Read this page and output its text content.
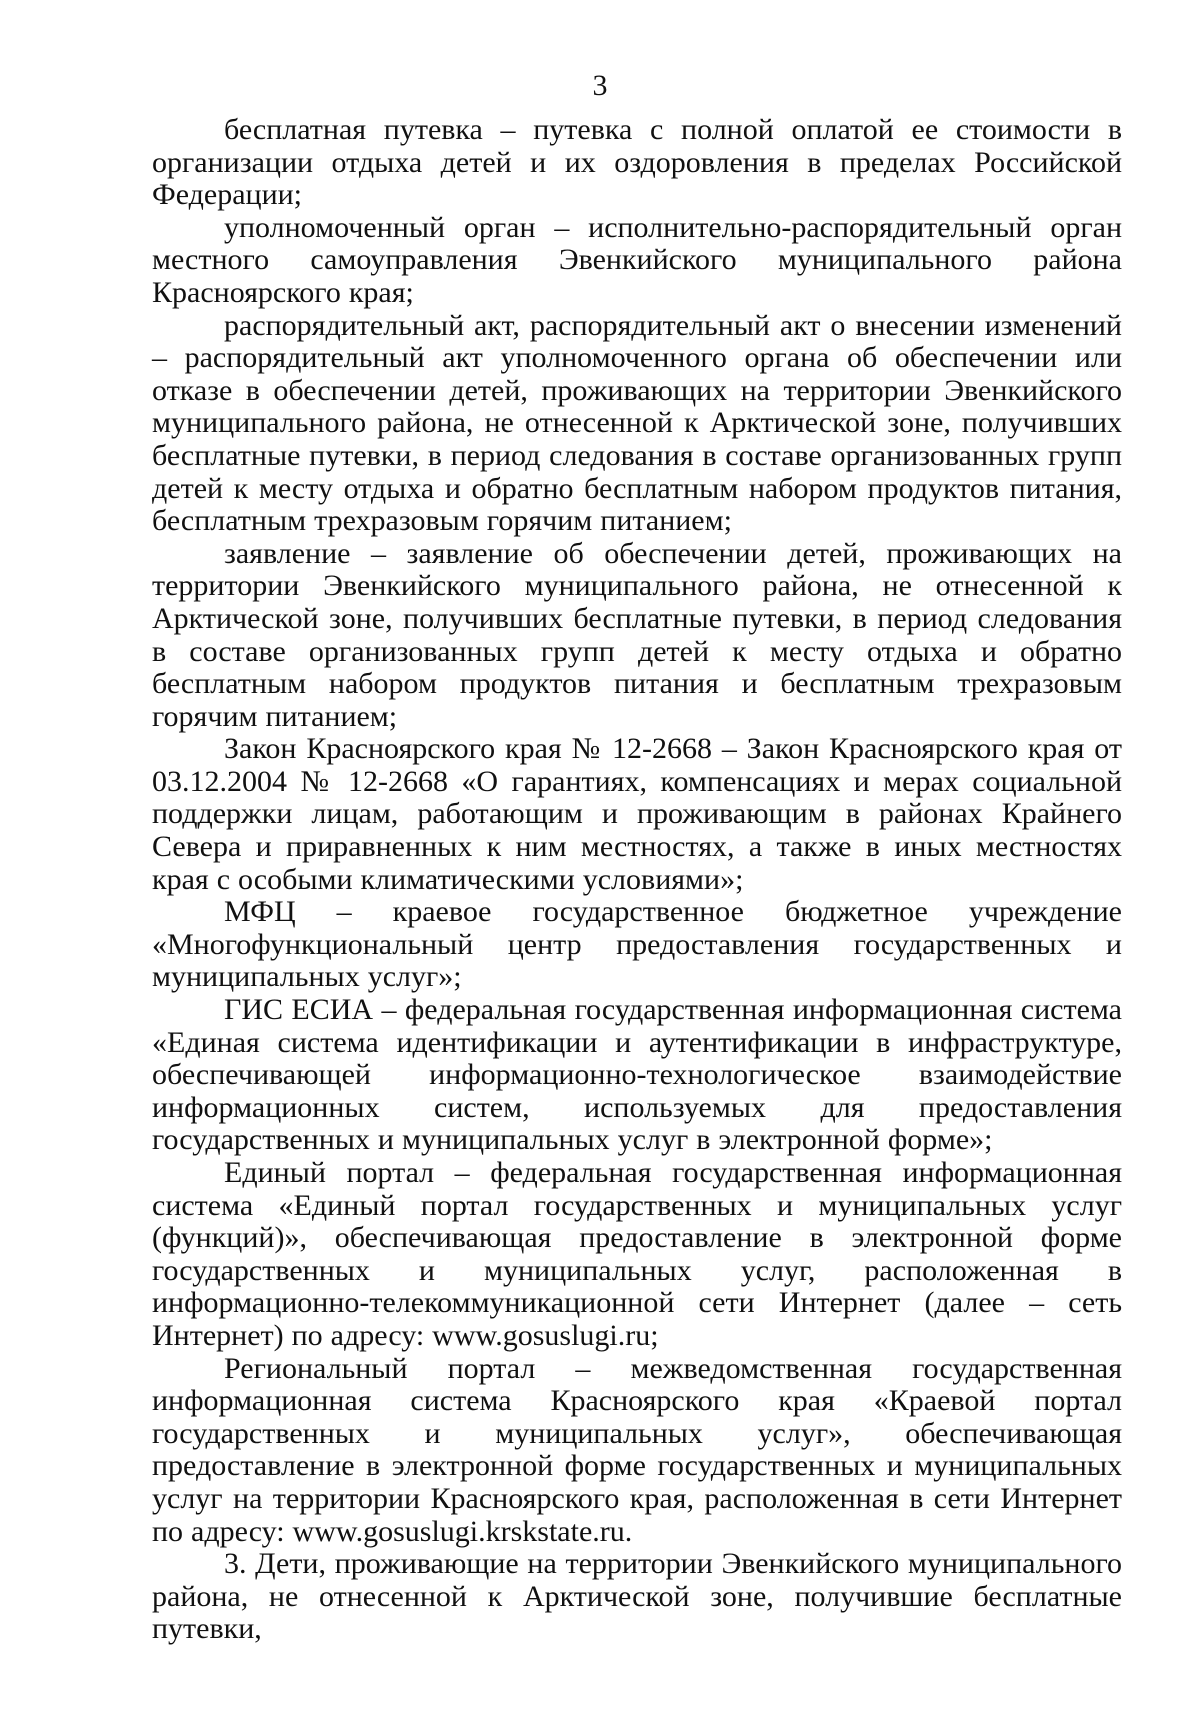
3

бесплатная путевка – путевка с полной оплатой ее стоимости в организации отдыха детей и их оздоровления в пределах Российской Федерации;

уполномоченный орган – исполнительно-распорядительный орган местного самоуправления Эвенкийского муниципального района Красноярского края;

распорядительный акт, распорядительный акт о внесении изменений – распорядительный акт уполномоченного органа об обеспечении или отказе в обеспечении детей, проживающих на территории Эвенкийского муниципального района, не отнесенной к Арктической зоне, получивших бесплатные путевки, в период следования в составе организованных групп детей к месту отдыха и обратно бесплатным набором продуктов питания, бесплатным трехразовым горячим питанием;

заявление – заявление об обеспечении детей, проживающих на территории Эвенкийского муниципального района, не отнесенной к Арктической зоне, получивших бесплатные путевки, в период следования в составе организованных групп детей к месту отдыха и обратно бесплатным набором продуктов питания и бесплатным трехразовым горячим питанием;

Закон Красноярского края № 12-2668 – Закон Красноярского края от 03.12.2004 № 12-2668 «О гарантиях, компенсациях и мерах социальной поддержки лицам, работающим и проживающим в районах Крайнего Севера и приравненных к ним местностях, а также в иных местностях края с особыми климатическими условиями»;

МФЦ – краевое государственное бюджетное учреждение «Многофункциональный центр предоставления государственных и муниципальных услуг»;

ГИС ЕСИА – федеральная государственная информационная система «Единая система идентификации и аутентификации в инфраструктуре, обеспечивающей информационно-технологическое взаимодействие информационных систем, используемых для предоставления государственных и муниципальных услуг в электронной форме»;

Единый портал – федеральная государственная информационная система «Единый портал государственных и муниципальных услуг (функций)», обеспечивающая предоставление в электронной форме государственных и муниципальных услуг, расположенная в информационно-телекоммуникационной сети Интернет (далее – сеть Интернет) по адресу: www.gosuslugi.ru;

Региональный портал – межведомственная государственная информационная система Красноярского края «Краевой портал государственных и муниципальных услуг», обеспечивающая предоставление в электронной форме государственных и муниципальных услуг на территории Красноярского края, расположенная в сети Интернет по адресу: www.gosuslugi.krskstate.ru.

3. Дети, проживающие на территории Эвенкийского муниципального района, не отнесенной к Арктической зоне, получившие бесплатные путевки,
